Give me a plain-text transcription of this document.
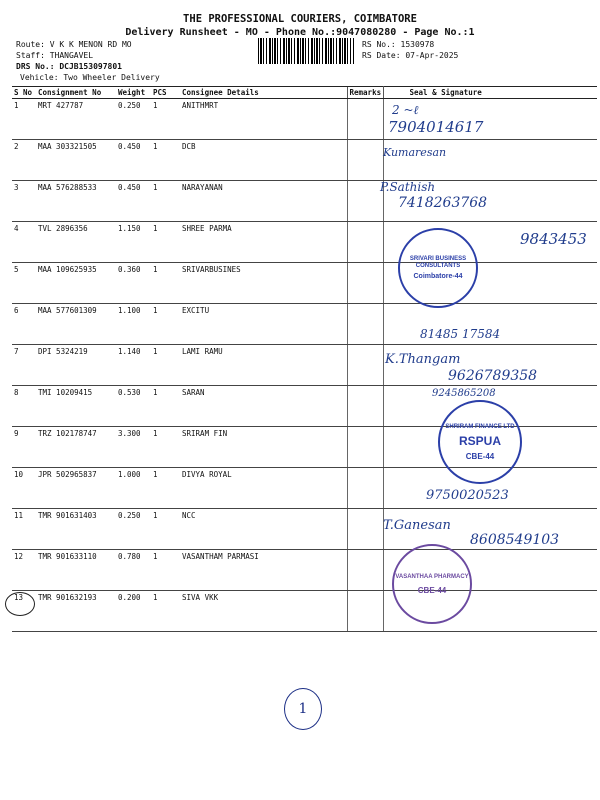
THE PROFESSIONAL COURIERS, COIMBATORE
Delivery Runsheet - MO - Phone No.:9047080280 - Page No.:1
Route: V K K MENON RD MO
Staff: THANGAVEL
DRS No.: DCJB153097801
Vehicle: Two Wheeler Delivery
RS No.: 1530978
RS Date: 07-Apr-2025
S No	Consignment No	Weight	PCS	Consignee Details	Remarks	Seal & Signature
1	MRT 427787	0.250	1	ANITHMRT		
2	MAA 303321505	0.450	1	DCB		
3	MAA 576288533	0.450	1	NARAYANAN		
4	TVL 2896356	1.150	1	SHREE PARMA		
5	MAA 109625935	0.360	1	SRIVARBUSINES		
6	MAA 577601309	1.100	1	EXCITU		
7	DPI 5324219	1.140	1	LAMI RAMU		
8	TMI 10209415	0.530	1	SARAN		
9	TRZ 102178747	3.300	1	SRIRAM FIN		
10	JPR 502965837	1.000	1	DIVYA ROYAL		
11	TMR 901631403	0.250	1	NCC		
12	TMR 901633110	0.780	1	VASANTHAM PARMASI		
13	TMR 901632193	0.200	1	SIVA VKK		
2 ~ℓ
7904014617
Kumaresan
P.Sathish
7418263768
9843453
81485 17584
K.Thangam
9626789358
9245865208
9750020523
T.Ganesan
8608549103
SRIVARI BUSINESS CONSULTANTS
Coimbatore-44
SHRIRAM FINANCE LTD
RSPUA
CBE-44
VASANTHAA PHARMACY
CBE-44
1
